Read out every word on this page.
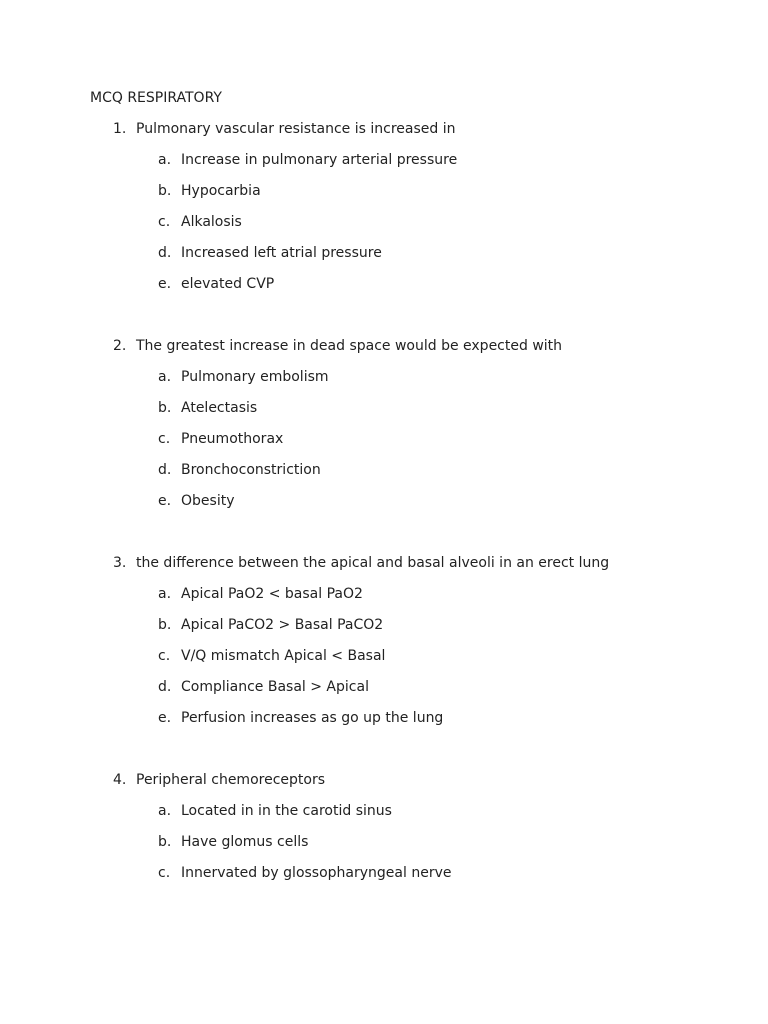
MCQ RESPIRATORY
1. Pulmonary vascular resistance is increased in
a. Increase in pulmonary arterial pressure
b. Hypocarbia
c. Alkalosis
d. Increased left atrial pressure
e. elevated CVP
2. The greatest increase in dead space would be expected with
a. Pulmonary embolism
b. Atelectasis
c. Pneumothorax
d. Bronchoconstriction
e. Obesity
3. the difference between the apical and basal alveoli in an erect lung
a. Apical PaO2 < basal PaO2
b. Apical PaCO2 > Basal PaCO2
c. V/Q mismatch Apical < Basal
d. Compliance Basal > Apical
e. Perfusion increases as go up the lung
4. Peripheral chemoreceptors
a. Located in in the carotid sinus
b. Have glomus cells
c. Innervated by glossopharyngeal nerve
